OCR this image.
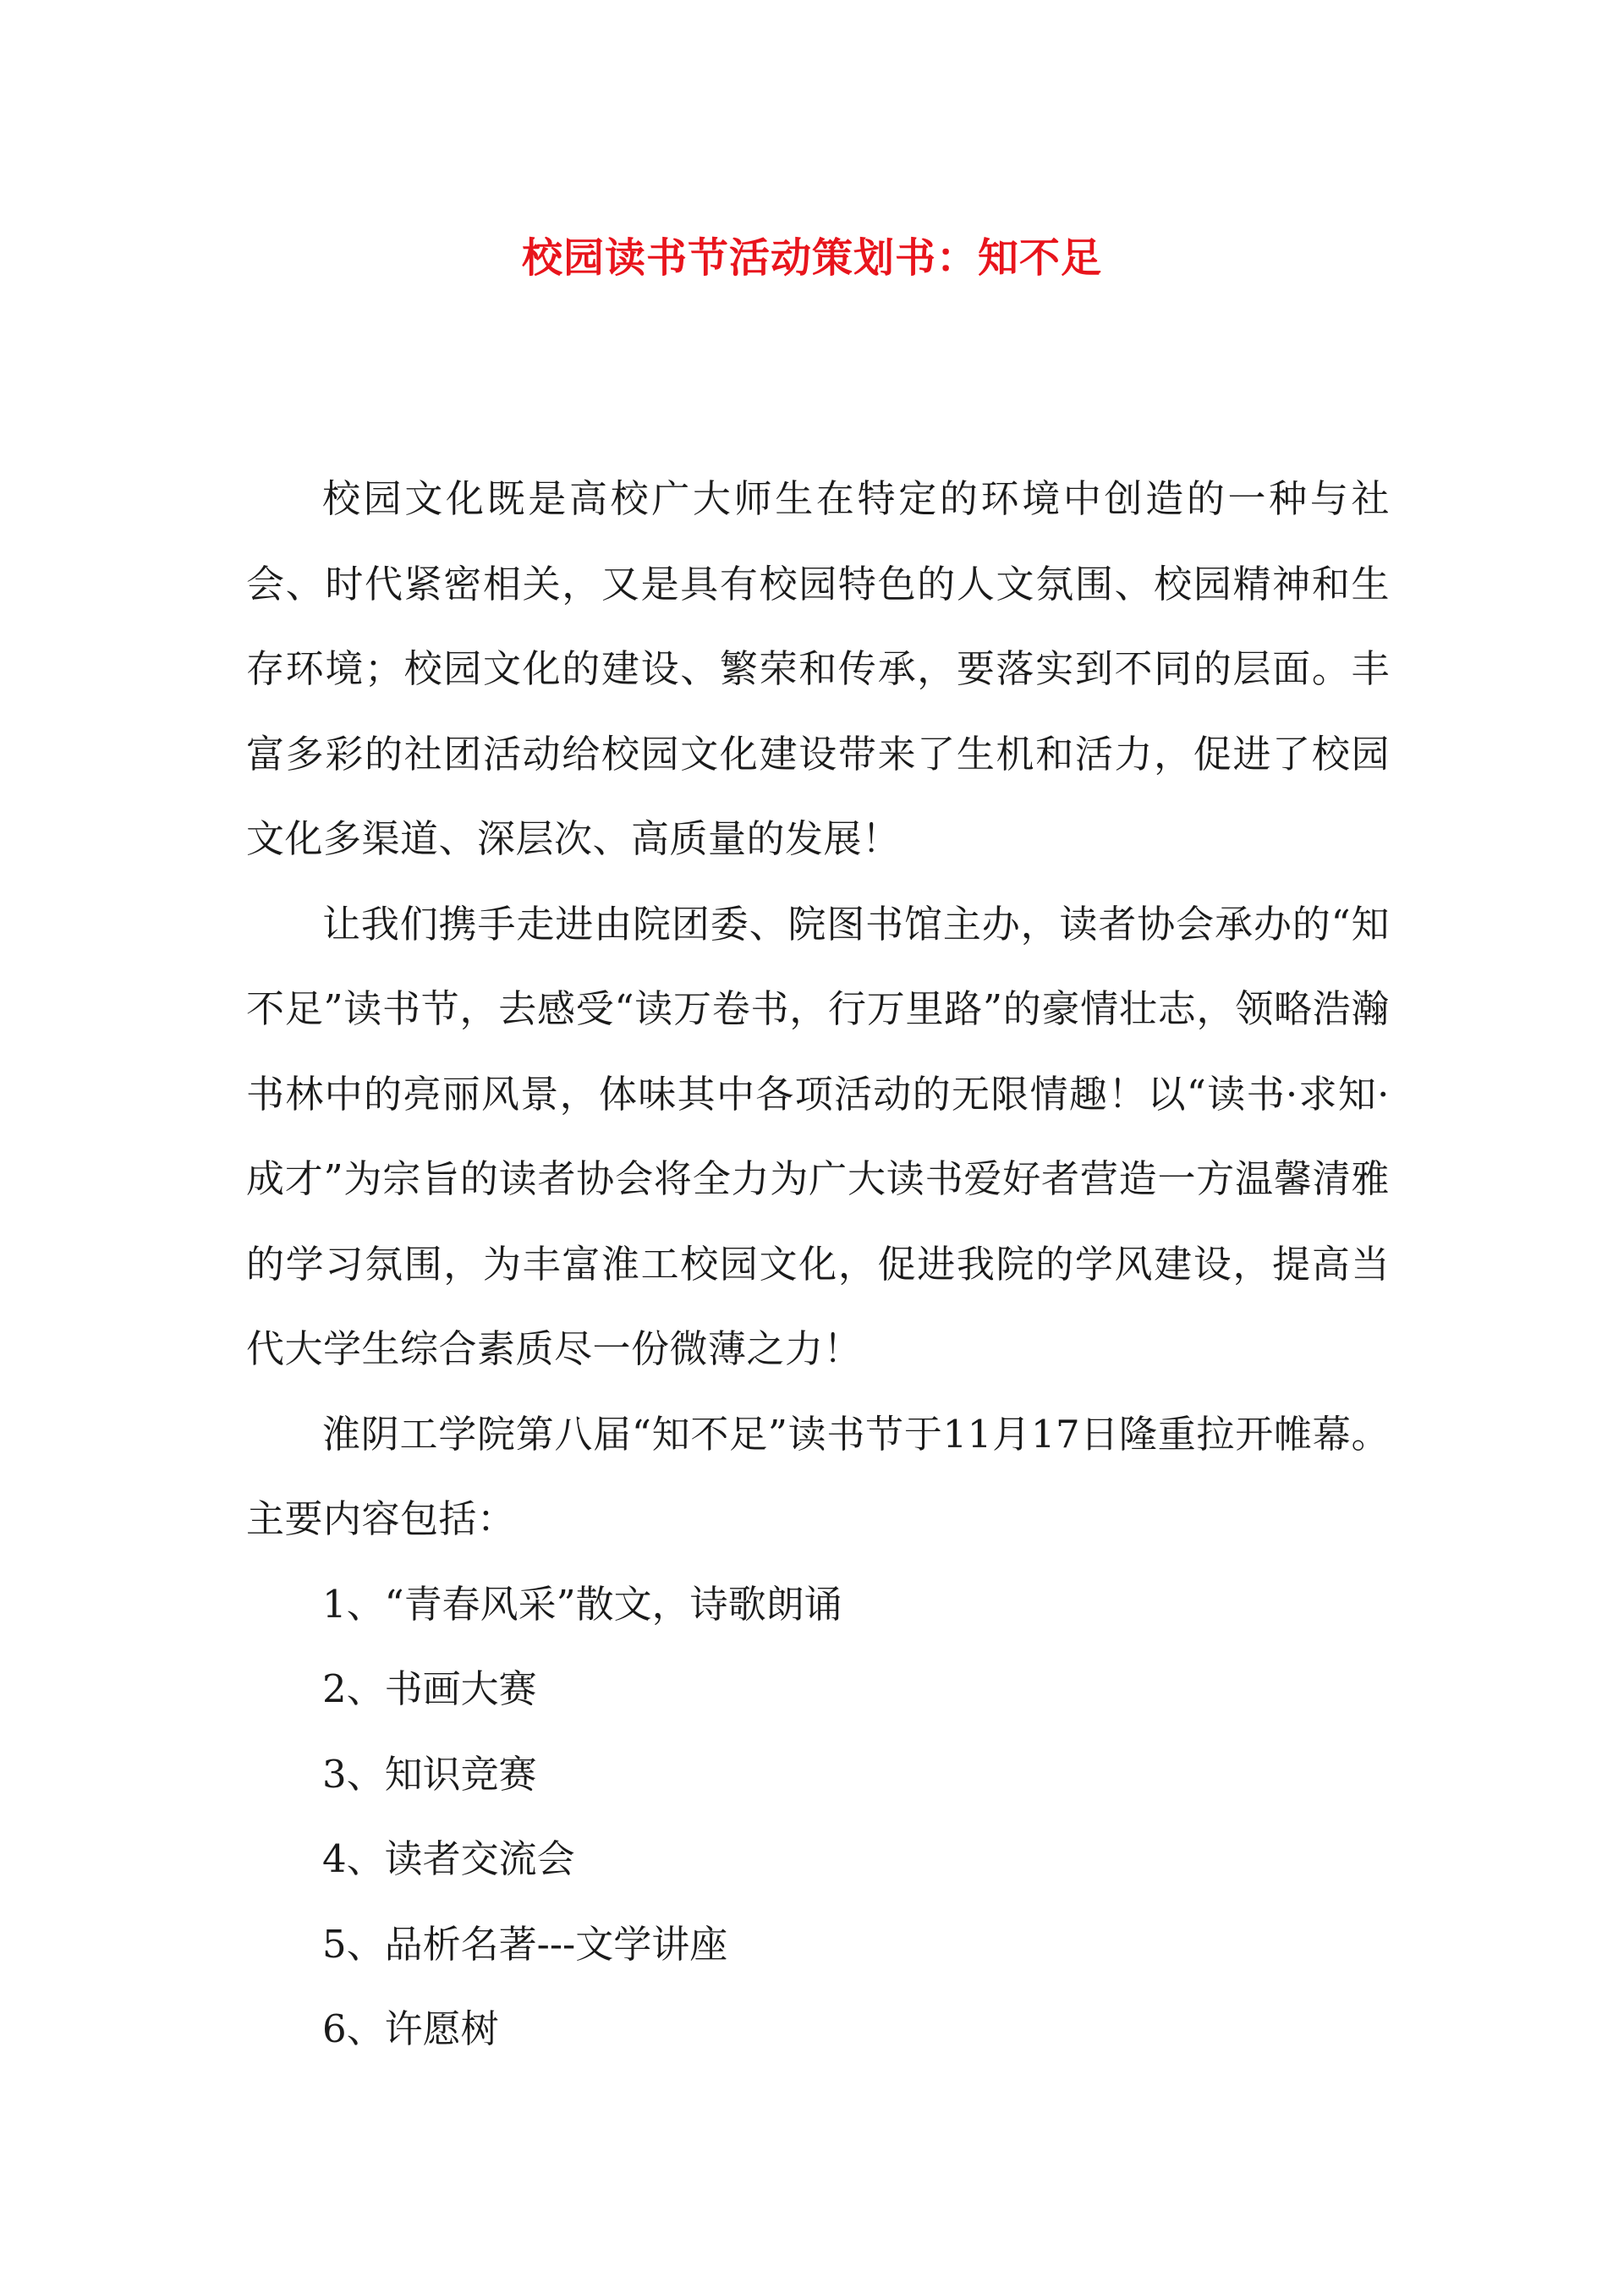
校园读书节活动策划书：知不足

校园文化既是高校广大师生在特定的环境中创造的一种与社会、时代紧密相关，又是具有校园特色的人文氛围、校园精神和生存环境；校园文化的建设、繁荣和传承，要落实到不同的层面。丰富多彩的社团活动给校园文化建设带来了生机和活力，促进了校园文化多渠道、深层次、高质量的发展！

让我们携手走进由院团委、院图书馆主办，读者协会承办的“知不足”读书节，去感受“读万卷书，行万里路”的豪情壮志，领略浩瀚书林中的亮丽风景，体味其中各项活动的无限情趣！以“读书·求知·成才”为宗旨的读者协会将全力为广大读书爱好者营造一方温馨清雅的学习氛围，为丰富淮工校园文化，促进我院的学风建设，提高当代大学生综合素质尽一份微薄之力！

淮阴工学院第八届“知不足”读书节于11月17日隆重拉开帷幕。主要内容包括：

1、“青春风采”散文，诗歌朗诵
2、书画大赛
3、知识竞赛
4、读者交流会
5、品析名著---文学讲座
6、许愿树
